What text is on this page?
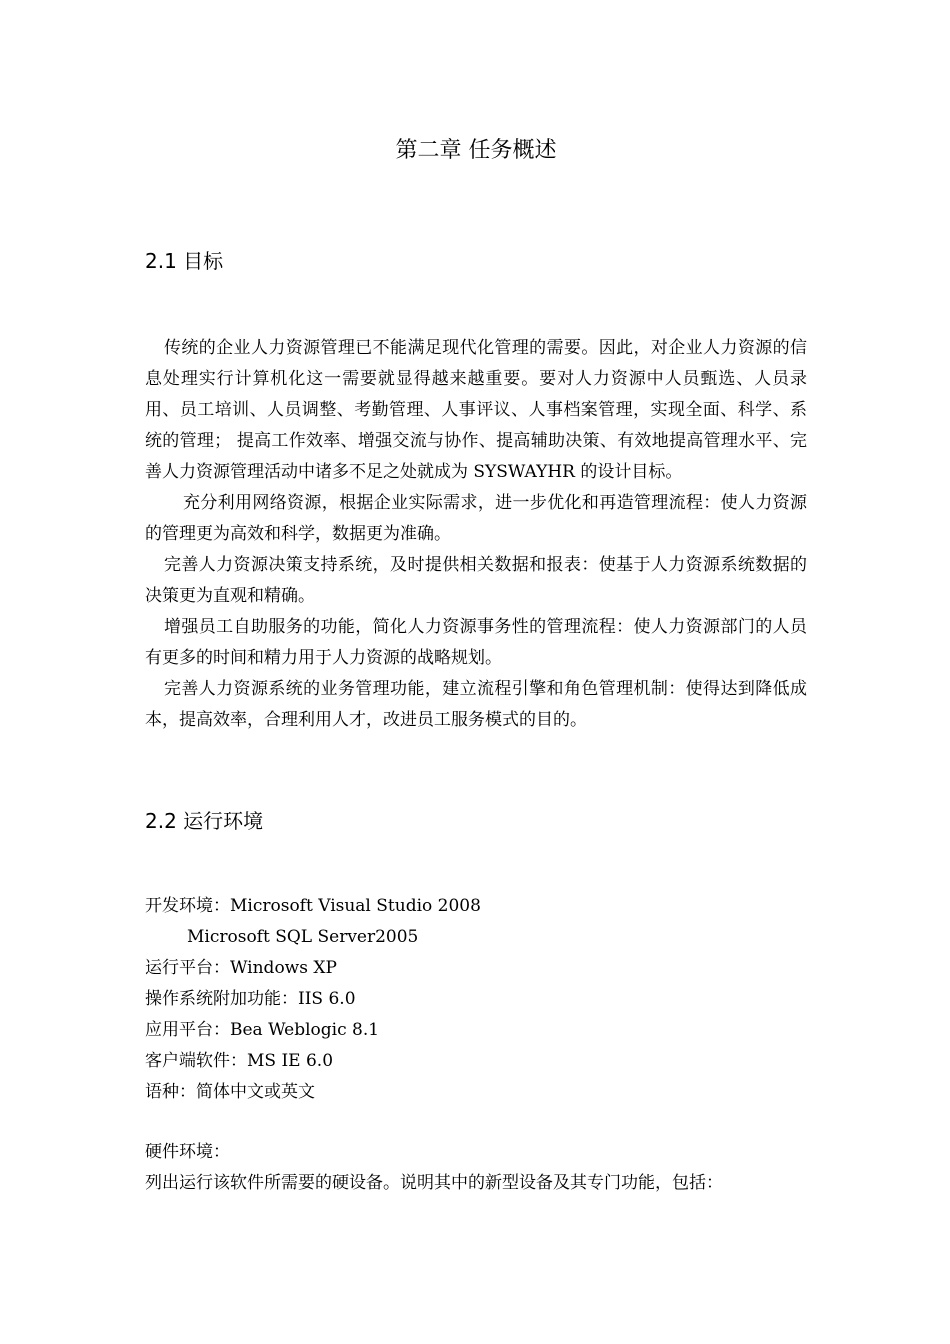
第二章 任务概述
2.1 目标

传统的企业人力资源管理已不能满足现代化管理的需要。因此，对企业人力资源的信息处理实行计算机化这一需要就显得越来越重要。要对人力资源中人员甄选、人员录用、员工培训、人员调整、考勤管理、人事评议、人事档案管理，实现全面、科学、系统的管理； 提高工作效率、增强交流与协作、提高辅助决策、有效地提高管理水平、完善人力资源管理活动中诸多不足之处就成为 SYSWAYHR 的设计目标。

充分利用网络资源，根据企业实际需求，进一步优化和再造管理流程：使人力资源的管理更为高效和科学，数据更为准确。

完善人力资源决策支持系统，及时提供相关数据和报表：使基于人力资源系统数据的决策更为直观和精确。

增强员工自助服务的功能，简化人力资源事务性的管理流程：使人力资源部门的人员有更多的时间和精力用于人力资源的战略规划。

完善人力资源系统的业务管理功能，建立流程引擎和角色管理机制：使得达到降低成本，提高效率，合理利用人才，改进员工服务模式的目的。

2.2 运行环境
开发环境：Microsoft Visual Studio 2008
Microsoft SQL Server2005
运行平台：Windows XP
操作系统附加功能：IIS 6.0
应用平台：Bea Weblogic 8.1
客户端软件：MS IE 6.0
语种：简体中文或英文
硬件环境：
列出运行该软件所需要的硬设备。说明其中的新型设备及其专门功能，包括：
